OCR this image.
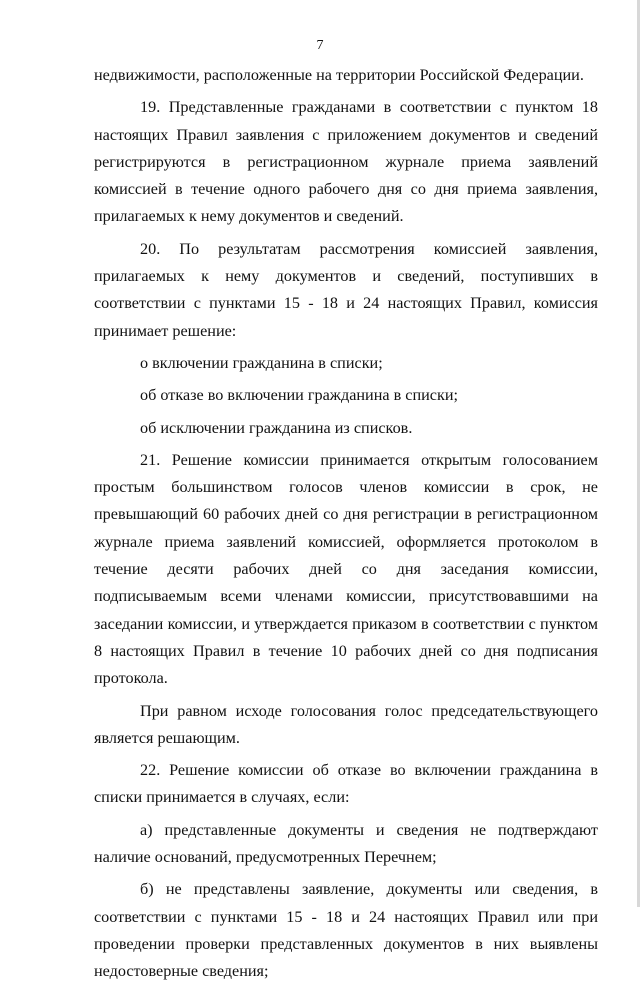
7

недвижимости, расположенные на территории Российской Федерации.

19. Представленные гражданами в соответствии с пунктом 18 настоящих Правил заявления с приложением документов и сведений регистрируются в регистрационном журнале приема заявлений комиссией в течение одного рабочего дня со дня приема заявления, прилагаемых к нему документов и сведений.

20. По результатам рассмотрения комиссией заявления, прилагаемых к нему документов и сведений, поступивших в соответствии с пунктами 15 - 18 и 24 настоящих Правил, комиссия принимает решение:

о включении гражданина в списки;

об отказе во включении гражданина в списки;

об исключении гражданина из списков.

21. Решение комиссии принимается открытым голосованием простым большинством голосов членов комиссии в срок, не превышающий 60 рабочих дней со дня регистрации в регистрационном журнале приема заявлений комиссией, оформляется протоколом в течение десяти рабочих дней со дня заседания комиссии, подписываемым всеми членами комиссии, присутствовавшими на заседании комиссии, и утверждается приказом в соответствии с пунктом 8 настоящих Правил в течение 10 рабочих дней со дня подписания протокола.

При равном исходе голосования голос председательствующего является решающим.

22. Решение комиссии об отказе во включении гражданина в списки принимается в случаях, если:

а) представленные документы и сведения не подтверждают наличие оснований, предусмотренных Перечнем;

б) не представлены заявление, документы или сведения, в соответствии с пунктами 15 - 18 и 24 настоящих Правил или при проведении проверки представленных документов в них выявлены недостоверные сведения;
